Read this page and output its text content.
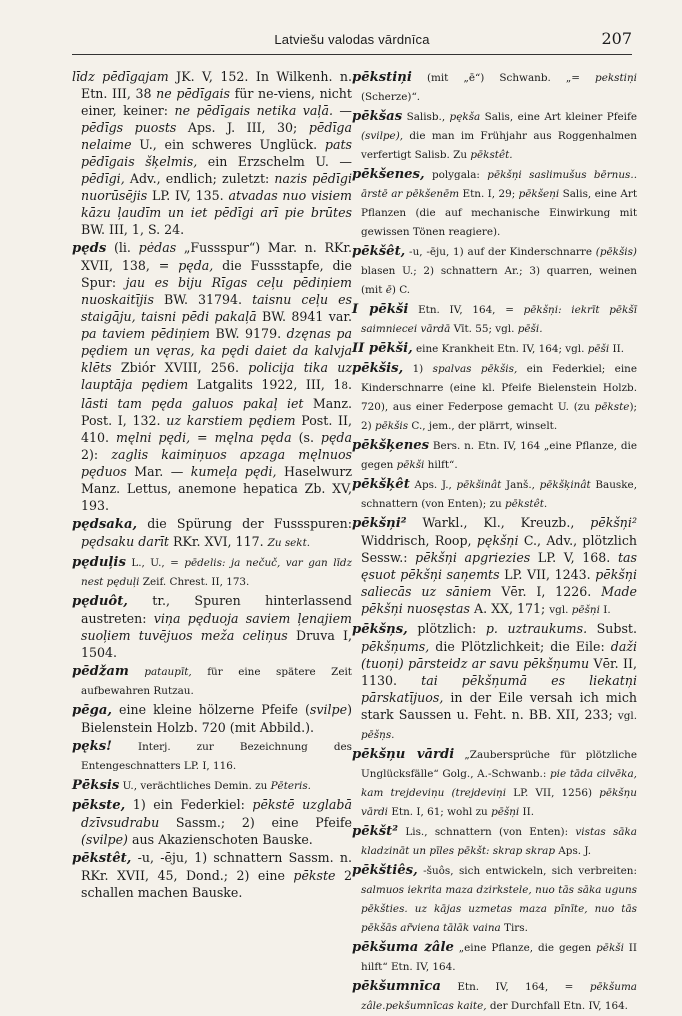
Latviešu valodas vārdnīca	207

līdz pēdīgajam JK. V, 152. In Wilkenh. n. Etn. III, 38 ne pēdīgais für ne-viens, nicht einer, keiner: ne pēdīgais netika vaļā. — pēdīgs puosts Aps. J. III, 30; pēdīga nelaime U., ein schweres Unglück. pats pēdīgais šķelmis, ein Erzschelm U. — pēdīgi, Adv., endlich; zuletzt: nazis pēdīgi nuorūsējis LP. IV, 135. atvadas nuo visiem kāzu ļaudīm un iet pēdīgi arī pie brūtes BW. III, 1, S. 24.

pęds (li. pėdas „Fussspur“) Mar. n. RKr. XVII, 138, = pęda, die Fussstapfe, die Spur: jau es biju Rīgas ceļu pēdiņiem nuoskaitījis BW. 31794. taisnu ceļu es staigāju, taisni pēdi pakaļā BW. 8941 var. pa taviem pēdiņiem BW. 9179. dzęnas pa pędiem un vęras, ka pędi daiet da kalvja klēts Zbiór XVIII, 256. policija tika uz lauptāja pędiem Latgalits 1922, III, 18. lāsti tam pęda galuos pakaļ iet Manz. Post. I, 132. uz karstiem pędiem Post. II, 410. męlni pędi, = męlna pęda (s. pęda 2): zaglis kaimiņuos apzaga męlnuos pęduos Mar. — kumeļa pędi, Haselwurz Manz. Lettus, anemone hepatica Zb. XV, 193.

pędsaka, die Spürung der Fussspuren: pędsaku darīt RKr. XVI, 117. Zu sekt.

pęduļis L., U., = pēdelis: ja nečuč, var gan līdz nest pęduļi Zeif. Chrest. II, 173.

pęduôt, tr., Spuren hinterlassend austreten: viņa pęduoja saviem ļenajiem suoļiem tuvējuos meža celiņus Druva I, 1504.

pēdžam pataupīt, für eine spätere Zeit aufbewahren Rutzau.

pēga, eine kleine hölzerne Pfeife (svilpe) Bielenstein Holzb. 720 (mit Abbild.).

pęks! Interj. zur Bezeichnung des Entengeschnatters LP. I, 116.

Pēksis U., verächtliches Demin. zu Pēteris.

pēkste, 1) ein Federkiel: pēkstē uzglabā dzīvsudrabu Sassm.; 2) eine Pfeife (svilpe) aus Akazienschoten Bauske.

pēkstêt, -u, -ēju, 1) schnattern Sassm. n. RKr. XVII, 45, Dond.; 2) eine pēkste 2 schallen machen Bauske.

pēkstiņi (mit „ē“) Schwanb. „= pekstiņi (Scherze)“.

pēkšas Salisb., pękša Salis, eine Art kleiner Pfeife (svilpe), die man im Frühjahr aus Roggenhalmen verfertigt Salisb. Zu pēkstêt.

pēkšenes, polygala: pēkšņi saslimušus bērnus.. ārstē ar pēkšenēm Etn. I, 29; pēkšeņi Salis, eine Art Pflanzen (die auf mechanische Einwirkung mit gewissen Tönen reagiere).

pēkšêt, -u, -ēju, 1) auf der Kinderschnarre (pēkšis) blasen U.; 2) schnattern Ar.; 3) quarren, weinen (mit ē) C.

I pēkši Etn. IV, 164, = pēkšņi: iekrīt pēkšī saimniecei vārdā Vīt. 55; vgl. pēši.

II pēkši, eine Krankheit Etn. IV, 164; vgl. pēši II.

pēkšis, 1) spalvas pēkšis, ein Federkiel; eine Kinderschnarre (eine kl. Pfeife Bielenstein Holzb. 720), aus einer Federpose gemacht U. (zu pēkste); 2) pēkšis C., jem., der plärrt, winselt.

pēkšķenes Bers. n. Etn. IV, 164 „eine Pflanze, die gegen pēkši hilft“.

pēkšķêt Aps. J., pēkšinât Janš., pēkšķinât Bauske, schnattern (von Enten); zu pēkstêt.

pēkšņi² Warkl., Kl., Kreuzb., pēkšņi² Widdrisch, Roop, pękšņi C., Adv., plötzlich Sessw.: pēkšņi apgriezies LP. V, 168. tas ęsuot pēkšņi saņemts LP. VII, 1243. pēkšņi saliecās uz sāniem Vēr. I, 1226. Made pēkšņi nuosęstas A. XX, 171; vgl. pēšņi I.

pēkšņs, plötzlich: p. uztraukums. Subst. pēkšņums, die Plötzlichkeit; die Eile: daži (tuoņi) pārsteidz ar savu pēkšņumu Vēr. II, 1130. tai pēkšņumā es liekatņi pārskatījuos, in der Eile versah ich mich stark Saussen u. Feht. n. BB. XII, 233; vgl. pēšņs.

pēkšņu vārdi „Zaubersprüche für plötzliche Unglücksfälle“ Golg., A.-Schwanb.: pie tāda cilvēka, kam trejdeviņu (trejdeviņi LP. VII, 1256) pēkšņu vārdi Etn. I, 61; wohl zu pēšņi II.

pēkšt² Lis., schnattern (von Enten): vistas sāka kladzināt un pīles pēkšt: skrap skrap Aps. J.

pēkštiês, -šuôs, sich entwickeln, sich verbreiten: salmuos iekrita maza dzirkstele, nuo tās sāka uguns pēkšties. uz kājas uzmetas maza pīnīte, nuo tās pēkšās ar̃viena tālāk vaina Tirs.

pēkšuma zâle „eine Pflanze, die gegen pēkši II hilft“ Etn. IV, 164.

pēkšumnīca Etn. IV, 164, = pēkšuma zâle.pekšumnīcas kaite, der Durchfall Etn. IV, 164.
